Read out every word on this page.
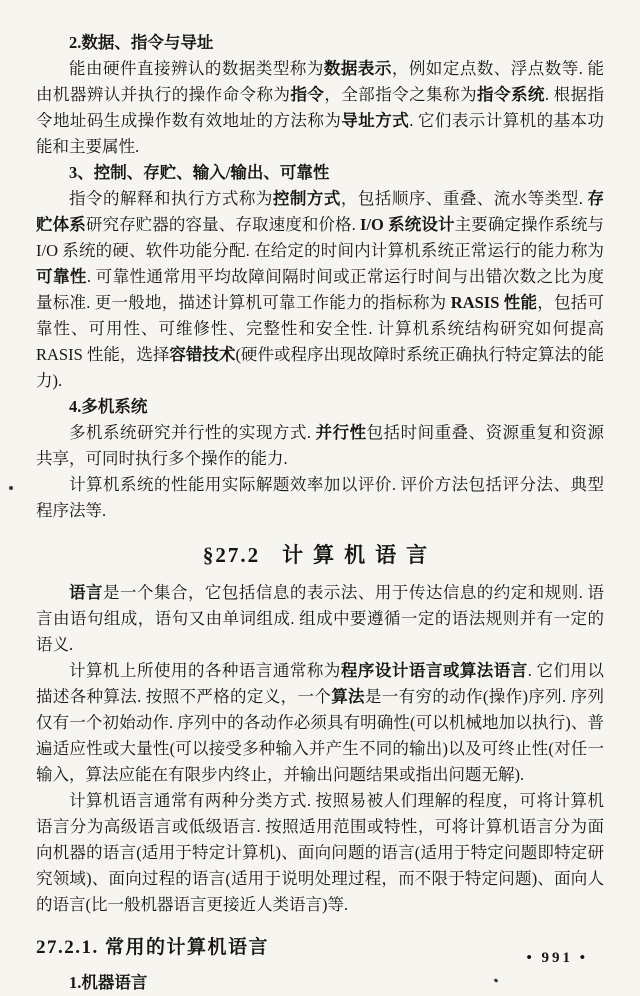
2.数据、指令与导址

能由硬件直接辨认的数据类型称为数据表示，例如定点数、浮点数等. 能由机器辨认并执行的操作命令称为指令，全部指令之集称为指令系统. 根据指令地址码生成操作数有效地址的方法称为导址方式. 它们表示计算机的基本功能和主要属性.

3、控制、存贮、输入/输出、可靠性

指令的解释和执行方式称为控制方式，包括顺序、重叠、流水等类型. 存贮体系研究存贮器的容量、存取速度和价格. I/O 系统设计主要确定操作系统与 I/O 系统的硬、软件功能分配. 在给定的时间内计算机系统正常运行的能力称为可靠性. 可靠性通常用平均故障间隔时间或正常运行时间与出错次数之比为度量标准. 更一般地，描述计算机可靠工作能力的指标称为 RASIS 性能，包括可靠性、可用性、可维修性、完整性和安全性. 计算机系统结构研究如何提高 RASIS 性能，选择容错技术(硬件或程序出现故障时系统正确执行特定算法的能力).

4.多机系统

多机系统研究并行性的实现方式. 并行性包括时间重叠、资源重复和资源共享，可同时执行多个操作的能力.

计算机系统的性能用实际解题效率加以评价. 评价方法包括评分法、典型程序法等.

§27.2 计算机语言

语言是一个集合，它包括信息的表示法、用于传达信息的约定和规则. 语言由语句组成，语句又由单词组成. 组成中要遵循一定的语法规则并有一定的语义.

计算机上所使用的各种语言通常称为程序设计语言或算法语言. 它们用以描述各种算法. 按照不严格的定义，一个算法是一有穷的动作(操作)序列. 序列仅有一个初始动作. 序列中的各动作必须具有明确性(可以机械地加以执行)、普遍适应性或大量性(可以接受多种输入并产生不同的输出)以及可终止性(对任一输入，算法应能在有限步内终止，并输出问题结果或指出问题无解).

计算机语言通常有两种分类方式. 按照易被人们理解的程度，可将计算机语言分为高级语言或低级语言. 按照适用范围或特性，可将计算机语言分为面向机器的语言(适用于特定计算机)、面向问题的语言(适用于特定问题即特定研究领域)、面向过程的语言(适用于说明处理过程，而不限于特定问题)、面向人的语言(比一般机器语言更接近人类语言)等.

27.2.1. 常用的计算机语言

1.机器语言

• 991 •
